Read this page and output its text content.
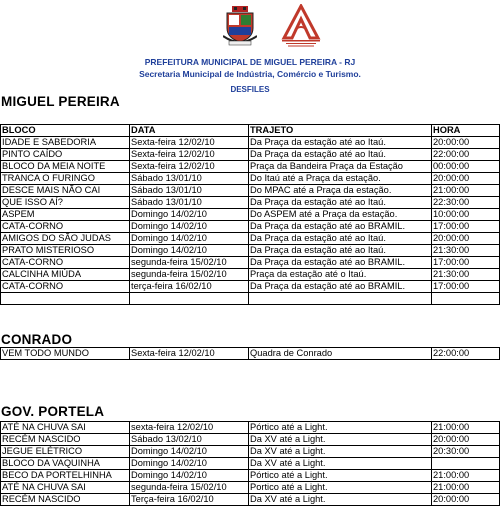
PREFEITURA MUNICIPAL DE MIGUEL PEREIRA - RJ
Secretaria Municipal de Indústria, Comércio e Turismo.
DESFILES
MIGUEL PEREIRA
BLOCO	DATA	TRAJETO	HORA
IDADE E SABEDORIA	Sexta-feira 12/02/10	Da Praça da estação até ao Itaú.	20:00:00
PINTO CAÍDO	Sexta-feira 12/02/10	Da Praça da estação até ao Itaú.	22:00:00
BLOCO DA MEIA NOITE	Sexta-feira 12/02/10	Praça da Bandeira Praça da Estação	00:00:00
TRANCA O FURINGO	Sábado 13/01/10	Do Itaú até a Praça da estação.	20:00:00
DESCE MAIS NÃO CAI	Sábado 13/01/10	Do MPAC até a Praça da estação.	21:00:00
QUE ISSO AÍ?	Sábado 13/01/10	Da Praça da estação até ao Itaú.	22:30:00
ASPEM	Domingo 14/02/10	Do ASPEM até a Praça da estação.	10:00:00
CATA-CORNO	Domingo 14/02/10	Da Praça da estação até ao BRAMIL.	17:00:00
AMIGOS DO SÃO JUDAS	Domingo 14/02/10	Da Praça da estação até ao Itaú.	20:00:00
PRATO MISTERIOSO	Domingo 14/02/10	Da Praça da estação até ao Itaú.	21:30:00
CATA-CORNO	segunda-feira 15/02/10	Da Praça da estação até ao BRAMIL.	17:00:00
CALCINHA MIÚDA	segunda-feira 15/02/10	Praça da estação até o Itaú.	21:30:00
CATA-CORNO	terça-feira 16/02/10	Da Praça da estação até ao BRAMIL.	17:00:00

CONRADO
VEM TODO MUNDO	Sexta-feira 12/02/10	Quadra de Conrado	22:00:00
GOV. PORTELA
ATÉ NA CHUVA SAI	sexta-feira 12/02/10	Pórtico até a Light.	21:00:00
RECÉM NASCIDO	Sábado 13/02/10	Da XV até a Light.	20:00:00
JEGUE ELÉTRICO	Domingo 14/02/10	Da XV até a Light.	20:30:00
BLOCO DA VAQUINHA	Domingo 14/02/10	Da XV até a Light.	
BECO DA PORTELHINHA	Domingo 14/02/10	Pórtico até a Light.	21:00:00
ATÉ NA CHUVA SAI	segunda-feira 15/02/10	Portico até a Light.	21:00:00
RECÉM NASCIDO	Terça-feira 16/02/10	Da XV até a Light.	20:00:00
